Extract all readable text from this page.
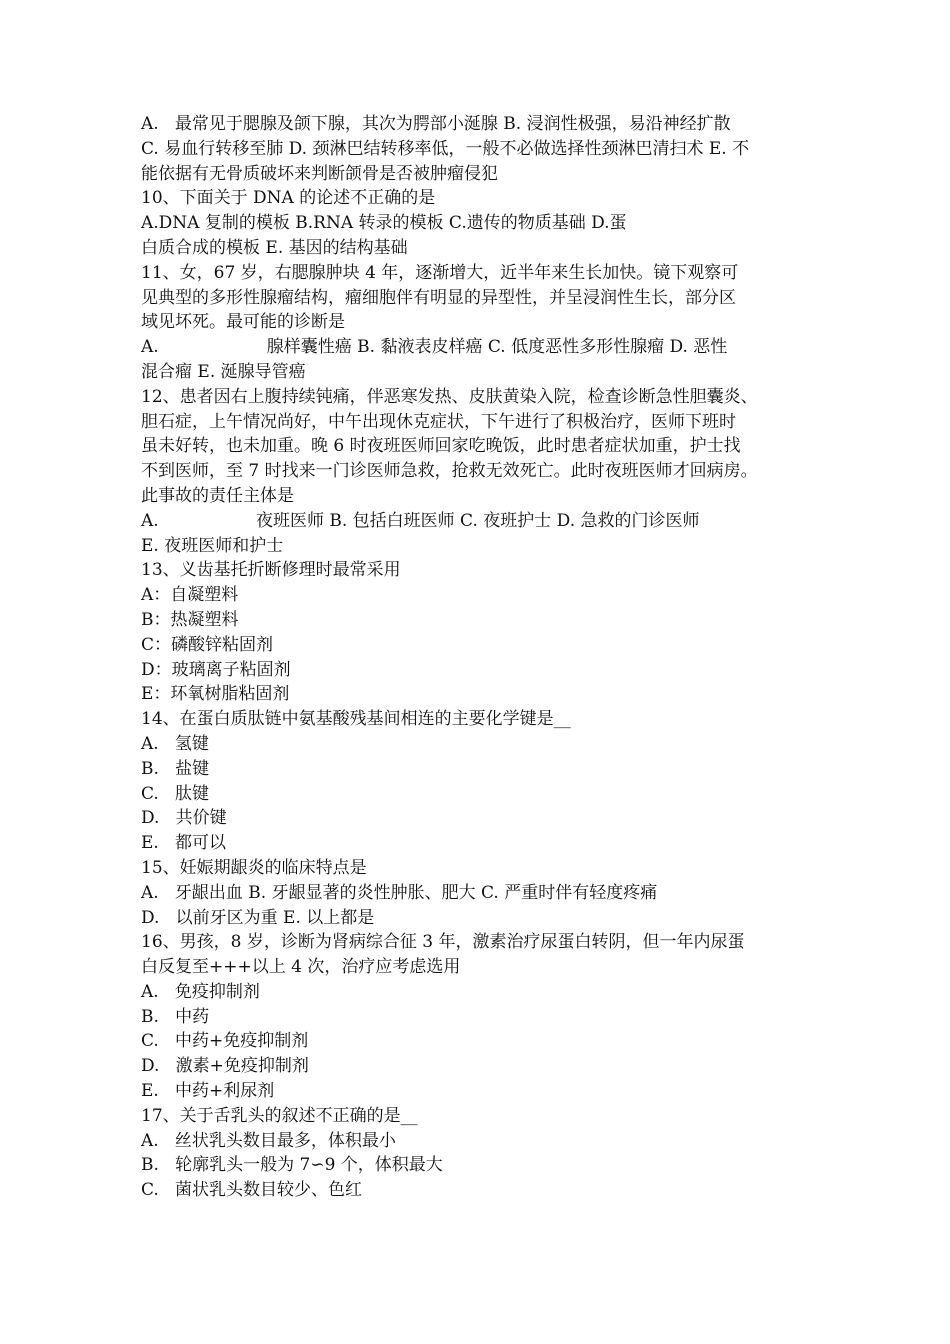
A.   最常见于腮腺及颌下腺，其次为腭部小涎腺 B. 浸润性极强，易沿神经扩散
C. 易血行转移至肺 D. 颈淋巴结转移率低，一般不必做选择性颈淋巴清扫术 E. 不
能依据有无骨质破坏来判断颌骨是否被肿瘤侵犯
10、下面关于 DNA 的论述不正确的是
A.DNA 复制的模板 B.RNA 转录的模板 C.遗传的物质基础 D.蛋
白质合成的模板 E. 基因的结构基础
11、女，67 岁，右腮腺肿块 4 年，逐渐增大，近半年来生长加快。镜下观察可
见典型的多形性腺瘤结构，瘤细胞伴有明显的异型性，并呈浸润性生长，部分区
域见坏死。最可能的诊断是
A.                    腺样囊性癌 B. 黏液表皮样癌 C. 低度恶性多形性腺瘤 D. 恶性
混合瘤 E. 涎腺导管癌
12、患者因右上腹持续钝痛，伴恶寒发热、皮肤黄染入院，检查诊断急性胆囊炎、
胆石症，上午情况尚好，中午出现休克症状，下午进行了积极治疗，医师下班时
虽未好转，也未加重。晚 6 时夜班医师回家吃晚饭，此时患者症状加重，护士找
不到医师，至 7 时找来一门诊医师急救，抢救无效死亡。此时夜班医师才回病房。
此事故的责任主体是
A.                  夜班医师 B. 包括白班医师 C. 夜班护士 D. 急救的门诊医师
E. 夜班医师和护士
13、义齿基托折断修理时最常采用
A：自凝塑料
B：热凝塑料
C：磷酸锌粘固剂
D：玻璃离子粘固剂
E：环氧树脂粘固剂
14、在蛋白质肽链中氨基酸残基间相连的主要化学键是__
A.   氢键
B.   盐键
C.   肽键
D.   共价键
E.   都可以
15、妊娠期龈炎的临床特点是
A.   牙龈出血 B. 牙龈显著的炎性肿胀、肥大 C. 严重时伴有轻度疼痛
D.   以前牙区为重 E. 以上都是
16、男孩，8 岁，诊断为肾病综合征 3 年，激素治疗尿蛋白转阴，但一年内尿蛋
白反复至+++以上 4 次，治疗应考虑选用
A.   免疫抑制剂
B.   中药
C.   中药+免疫抑制剂
D.   激素+免疫抑制剂
E.   中药+利尿剂
17、关于舌乳头的叙述不正确的是__
A.   丝状乳头数目最多，体积最小
B.   轮廓乳头一般为 7∽9 个，体积最大
C.   菌状乳头数目较少、色红
